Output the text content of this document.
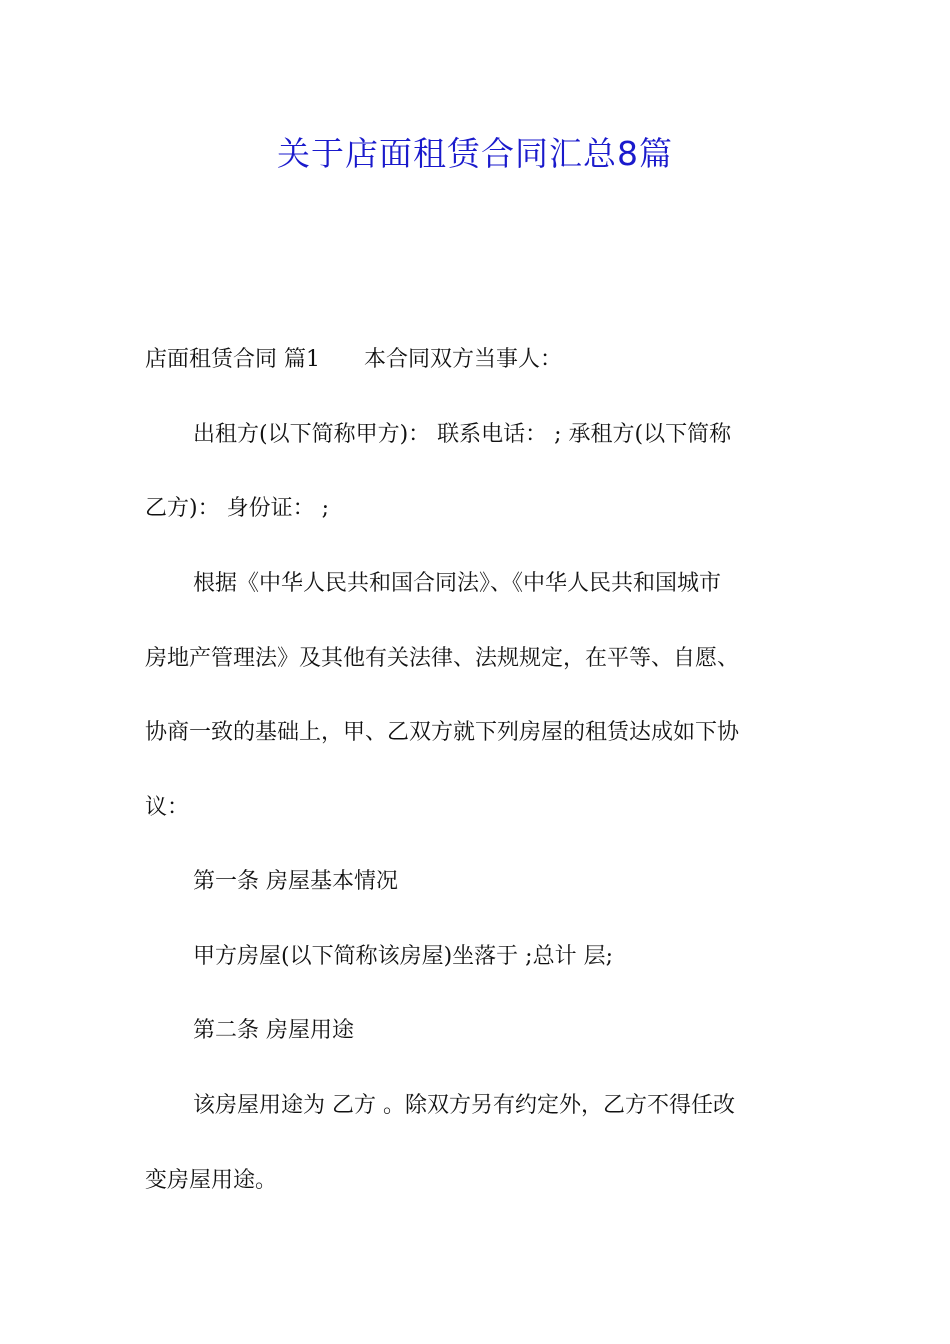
关于店面租赁合同汇总8篇

店面租赁合同 篇1 本合同双方当事人：

出租方(以下简称甲方)： 联系电话： ; 承租方(以下简称

乙方)： 身份证： ;

根据《中华人民共和国合同法》、《中华人民共和国城市

房地产管理法》及其他有关法律、法规规定，在平等、自愿、

协商一致的基础上，甲、乙双方就下列房屋的租赁达成如下协

议：

第一条 房屋基本情况

甲方房屋(以下简称该房屋)坐落于 ;总计 层;

第二条 房屋用途

该房屋用途为 乙方 。除双方另有约定外，乙方不得任改

变房屋用途。
